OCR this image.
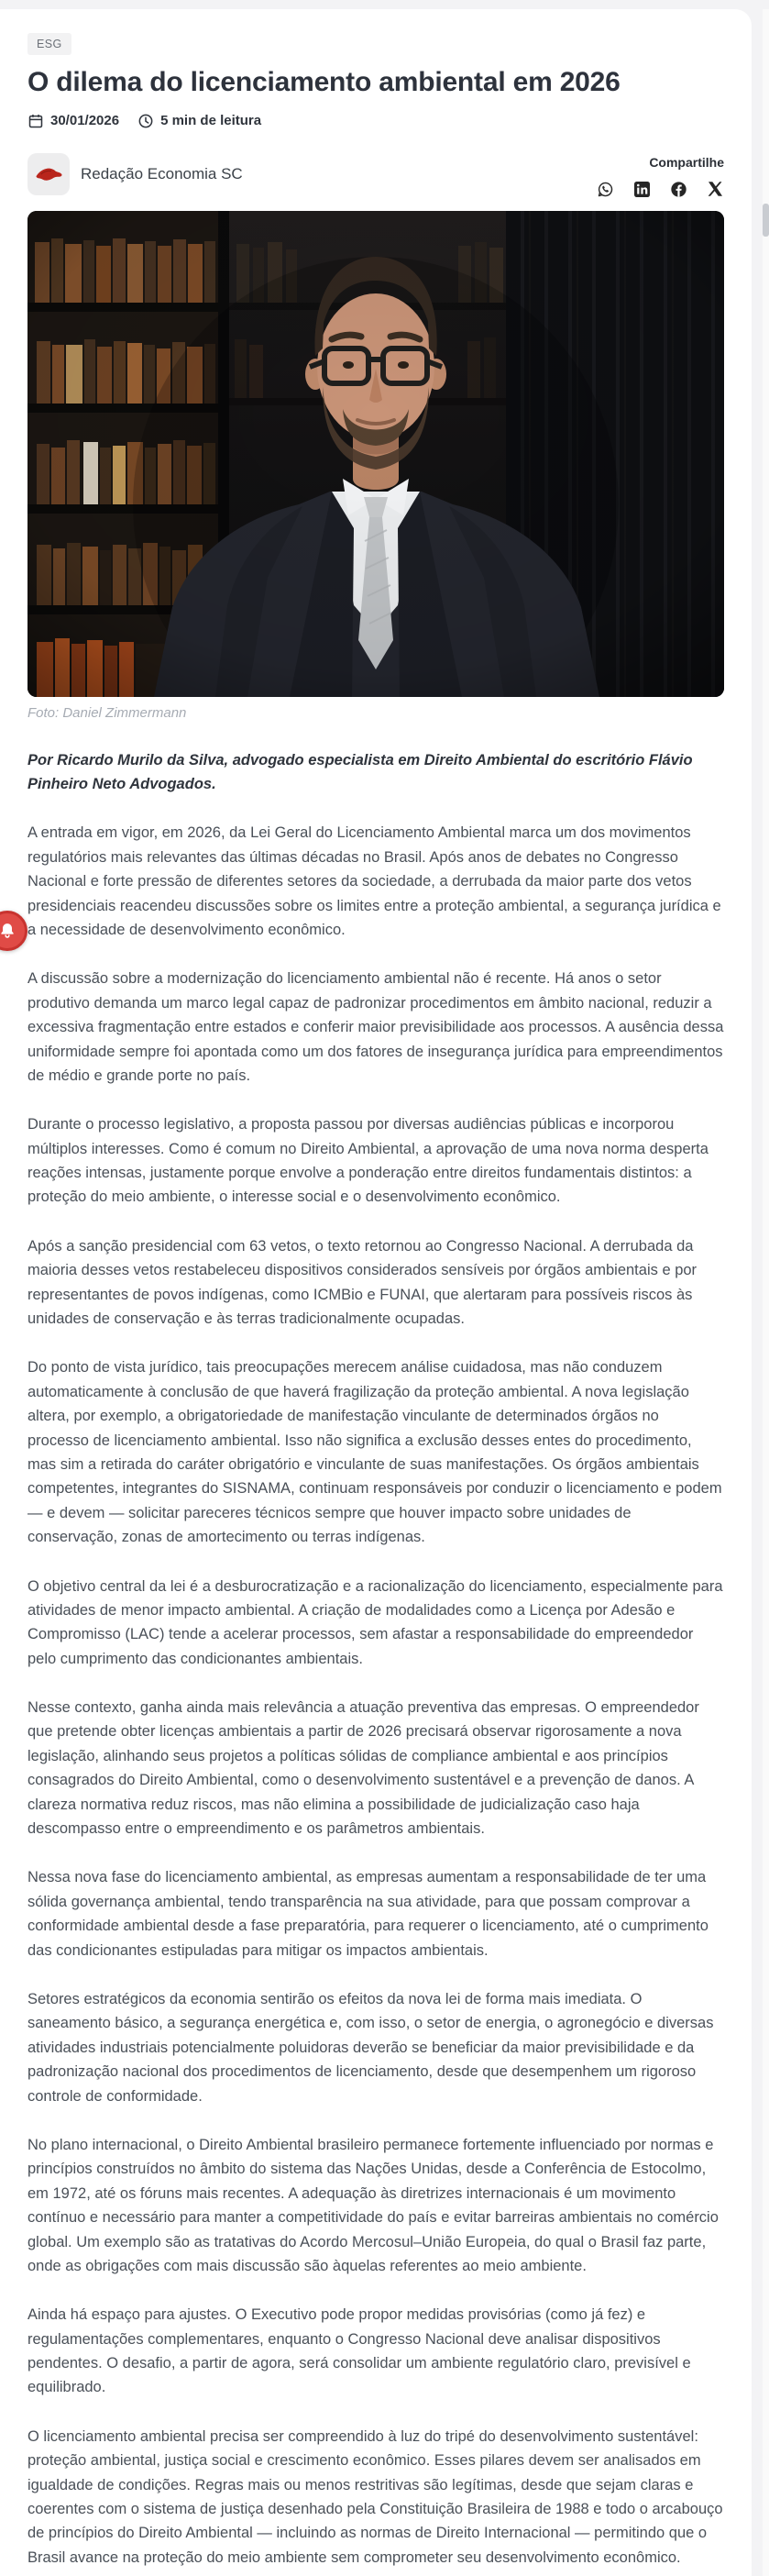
ESG
O dilema do licenciamento ambiental em 2026
30/01/2026	5 min de leitura
Redação Economia SC
Compartilhe
Foto: Daniel Zimmermann

Por Ricardo Murilo da Silva, advogado especialista em Direito Ambiental do escritório Flávio Pinheiro Neto Advogados.

A entrada em vigor, em 2026, da Lei Geral do Licenciamento Ambiental marca um dos movimentos regulatórios mais relevantes das últimas décadas no Brasil. Após anos de debates no Congresso Nacional e forte pressão de diferentes setores da sociedade, a derrubada da maior parte dos vetos presidenciais reacendeu discussões sobre os limites entre a proteção ambiental, a segurança jurídica e a necessidade de desenvolvimento econômico.

A discussão sobre a modernização do licenciamento ambiental não é recente. Há anos o setor produtivo demanda um marco legal capaz de padronizar procedimentos em âmbito nacional, reduzir a excessiva fragmentação entre estados e conferir maior previsibilidade aos processos. A ausência dessa uniformidade sempre foi apontada como um dos fatores de insegurança jurídica para empreendimentos de médio e grande porte no país.

Durante o processo legislativo, a proposta passou por diversas audiências públicas e incorporou múltiplos interesses. Como é comum no Direito Ambiental, a aprovação de uma nova norma desperta reações intensas, justamente porque envolve a ponderação entre direitos fundamentais distintos: a proteção do meio ambiente, o interesse social e o desenvolvimento econômico.

Após a sanção presidencial com 63 vetos, o texto retornou ao Congresso Nacional. A derrubada da maioria desses vetos restabeleceu dispositivos considerados sensíveis por órgãos ambientais e por representantes de povos indígenas, como ICMBio e FUNAI, que alertaram para possíveis riscos às unidades de conservação e às terras tradicionalmente ocupadas.

Do ponto de vista jurídico, tais preocupações merecem análise cuidadosa, mas não conduzem automaticamente à conclusão de que haverá fragilização da proteção ambiental. A nova legislação altera, por exemplo, a obrigatoriedade de manifestação vinculante de determinados órgãos no processo de licenciamento ambiental. Isso não significa a exclusão desses entes do procedimento, mas sim a retirada do caráter obrigatório e vinculante de suas manifestações. Os órgãos ambientais competentes, integrantes do SISNAMA, continuam responsáveis por conduzir o licenciamento e podem — e devem — solicitar pareceres técnicos sempre que houver impacto sobre unidades de conservação, zonas de amortecimento ou terras indígenas.

O objetivo central da lei é a desburocratização e a racionalização do licenciamento, especialmente para atividades de menor impacto ambiental. A criação de modalidades como a Licença por Adesão e Compromisso (LAC) tende a acelerar processos, sem afastar a responsabilidade do empreendedor pelo cumprimento das condicionantes ambientais.

Nesse contexto, ganha ainda mais relevância a atuação preventiva das empresas. O empreendedor que pretende obter licenças ambientais a partir de 2026 precisará observar rigorosamente a nova legislação, alinhando seus projetos a políticas sólidas de compliance ambiental e aos princípios consagrados do Direito Ambiental, como o desenvolvimento sustentável e a prevenção de danos. A clareza normativa reduz riscos, mas não elimina a possibilidade de judicialização caso haja descompasso entre o empreendimento e os parâmetros ambientais.

Nessa nova fase do licenciamento ambiental, as empresas aumentam a responsabilidade de ter uma sólida governança ambiental, tendo transparência na sua atividade, para que possam comprovar a conformidade ambiental desde a fase preparatória, para requerer o licenciamento, até o cumprimento das condicionantes estipuladas para mitigar os impactos ambientais.

Setores estratégicos da economia sentirão os efeitos da nova lei de forma mais imediata. O saneamento básico, a segurança energética e, com isso, o setor de energia, o agronegócio e diversas atividades industriais potencialmente poluidoras deverão se beneficiar da maior previsibilidade e da padronização nacional dos procedimentos de licenciamento, desde que desempenhem um rigoroso controle de conformidade.

No plano internacional, o Direito Ambiental brasileiro permanece fortemente influenciado por normas e princípios construídos no âmbito do sistema das Nações Unidas, desde a Conferência de Estocolmo, em 1972, até os fóruns mais recentes. A adequação às diretrizes internacionais é um movimento contínuo e necessário para manter a competitividade do país e evitar barreiras ambientais no comércio global. Um exemplo são as tratativas do Acordo Mercosul–União Europeia, do qual o Brasil faz parte, onde as obrigações com mais discussão são àquelas referentes ao meio ambiente.

Ainda há espaço para ajustes. O Executivo pode propor medidas provisórias (como já fez) e regulamentações complementares, enquanto o Congresso Nacional deve analisar dispositivos pendentes. O desafio, a partir de agora, será consolidar um ambiente regulatório claro, previsível e equilibrado.

O licenciamento ambiental precisa ser compreendido à luz do tripé do desenvolvimento sustentável: proteção ambiental, justiça social e crescimento econômico. Esses pilares devem ser analisados em igualdade de condições. Regras mais ou menos restritivas são legítimas, desde que sejam claras e coerentes com o sistema de justiça desenhado pela Constituição Brasileira de 1988 e todo o arcabouço de princípios do Direito Ambiental — incluindo as normas de Direito Internacional — permitindo que o Brasil avance na proteção do meio ambiente sem comprometer seu desenvolvimento econômico.
